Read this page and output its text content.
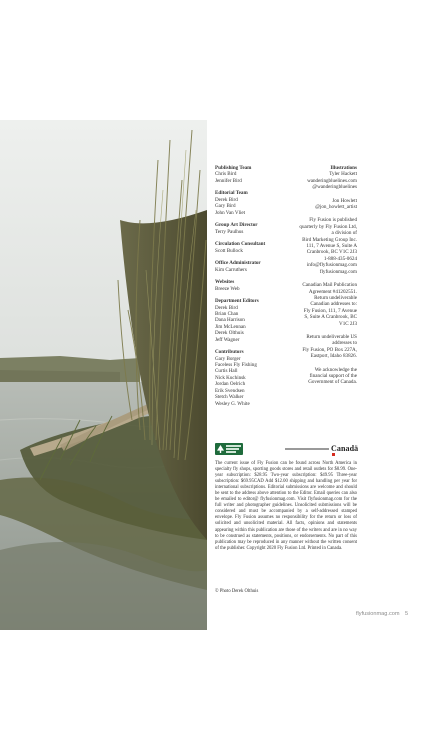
Publishing Team
Chris Bird
Jennifer Bird
Editorial Team
Derek Bird
Gary Bird
John Van Vliet
Group Art Director
Terry Paulhus
Circulation Consultant
Scott Bullock
Office Administrator
Kim Carruthers
Websites
Breeze Web
Department Editors
Derek Bird
Brian Chan
Dana Harrison
Jim McLennan
Derek Olthuis
Jeff Wagner
Contributors
Gary Borger
Faceless Fly Fishing
Curtis Hall
Nick Kuchinsk
Jordan Oelrich
Erik Svendsen
Stetch Walker
Wesley G. White
Illustrations
Tyler Hackett
wanderingbluelines.com
@wanderingbluelines
Jon Howlett
@jon_howlett_artist
Fly Fusion is published
quarterly by Fly Fusion Ltd,
a division of
Bird Marketing Group Inc.
111, 7 Avenue S, Suite A
Cranbrook, BC V1C 2J3
1-888-435-0624
info@flyfusionmag.com
flyfusionmag.com
Canadian Mail Publication
Agreement #41202551.
Return undeliverable
Canadian addresses to:
Fly Fusion, 111, 7 Avenue
S, Suite A Cranbrook, BC
V1C 2J3
Return undeliverable US
addresses to
Fly Fusion, PO Box 227A,
Eastport, Idaho 83826.
We acknowledge the
financial support of the
Government of Canada.
Canadä
The current issue of Fly Fusion can be found across North America in specialty fly shops, sporting goods stores and retail outlets for $8.99. One-year subscription: $28.95 Two-year subscription: $49.95 Three-year subscription: $69.95CAD Add $12.00 shipping and handling per year for international subscriptions. Editorial submissions are welcome and should be sent to the address above attention to the Editor. Email queries can also be emailed to editor@ flyfusionmag.com. Visit flyfusionmag.com for the full writer and photographer guidelines. Unsolicited submissions will be considered and must be accompanied by a self-addressed stamped envelope. Fly Fusion assumes no responsibility for the return or loss of solicited and unsolicited material. All facts, opinions and statements appearing within this publication are those of the writers and are in no way to be construed as statements, positions, or endorsements. No part of this publication may be reproduced in any manner without the written consent of the publisher. Copyright 2020 Fly Fusion Ltd. Printed in Canada.
© Photo Derek Olthuis
flyfusionmag.com 5
